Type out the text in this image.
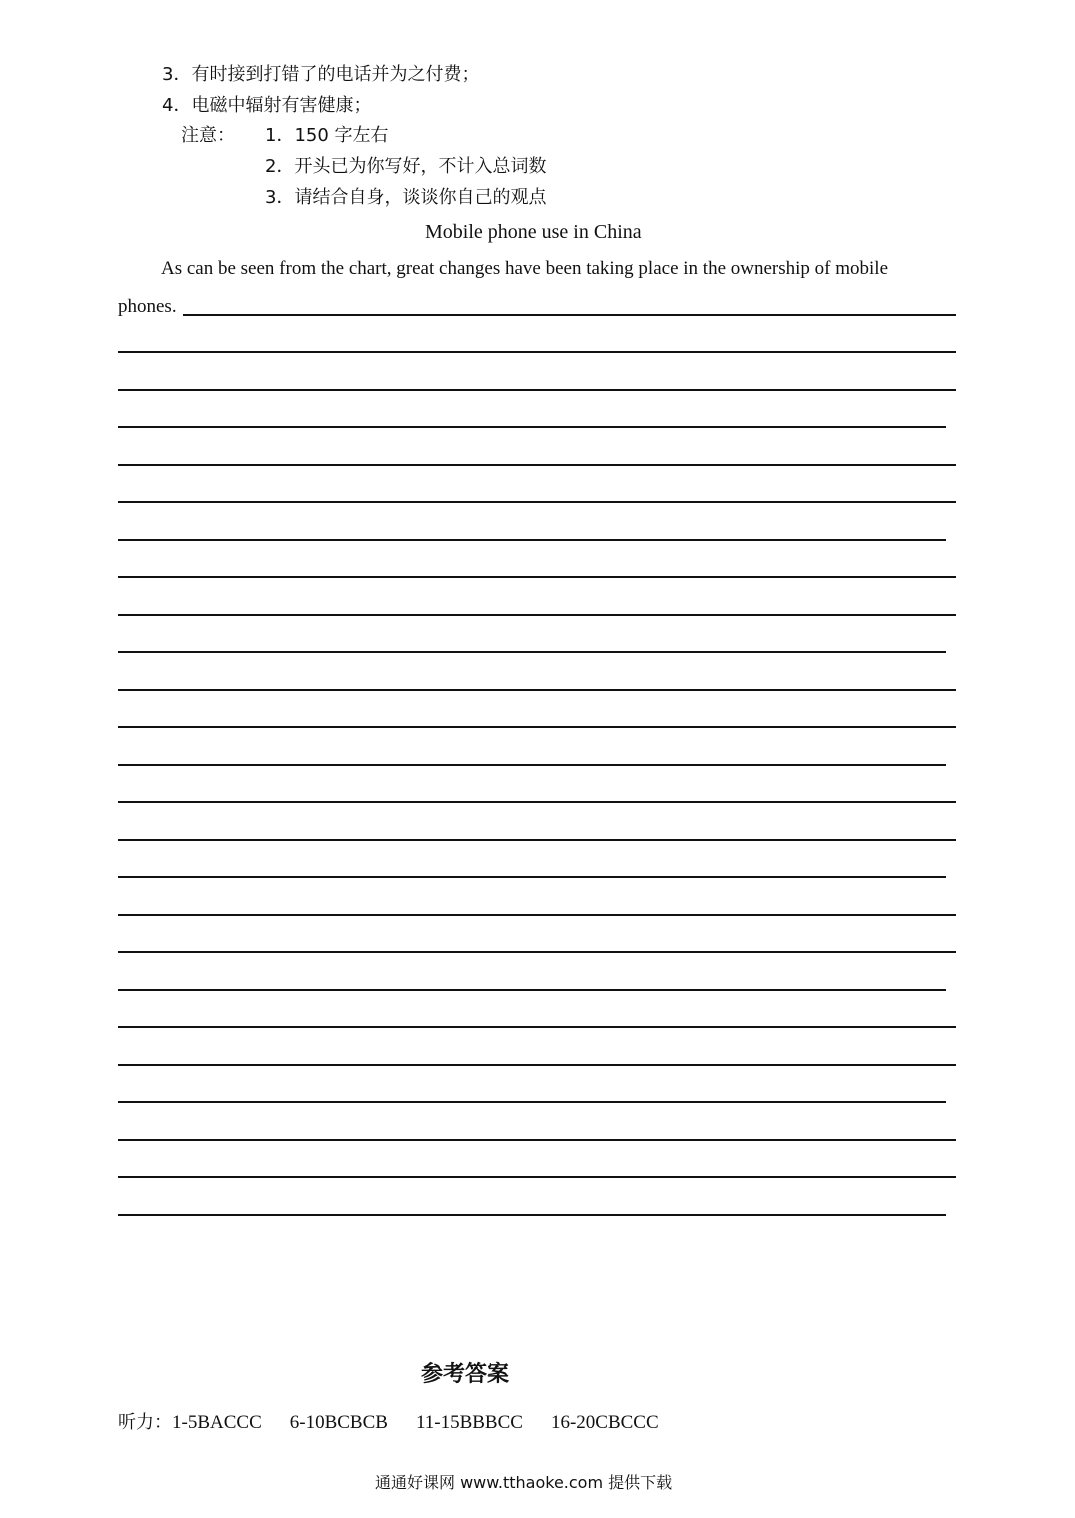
3．有时接到打错了的电话并为之付费；
4．电磁中辐射有害健康；
注意： 1．150 字左右
2．开头已为你写好，不计入总词数
3．请结合自身，谈谈你自己的观点
Mobile phone use in China
As can be seen from the chart, great changes have been taking place in the ownership of mobile
phones.
参考答案
听力：1-5BACCC 6-10BCBCB 11-15BBBCC 16-20CBCCC
通通好课网 www.tthaoke.com 提供下载
